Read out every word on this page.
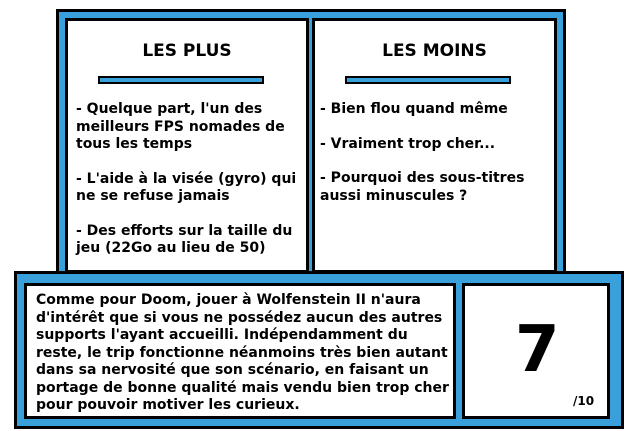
LES PLUS
- Quelque part, l'un des meilleurs FPS nomades de tous les temps
- L'aide à la visée (gyro) qui ne se refuse jamais
- Des efforts sur la taille du jeu (22Go au lieu de 50)
LES MOINS
- Bien flou quand même
- Vraiment trop cher...
- Pourquoi des sous-titres aussi minuscules ?

Comme pour Doom, jouer à Wolfenstein II n'aura d'intérêt que si vous ne possédez aucun des autres supports l'ayant accueilli. Indépendamment du reste, le trip fonctionne néanmoins très bien autant dans sa nervosité que son scénario, en faisant un portage de bonne qualité mais vendu bien trop cher pour pouvoir motiver les curieux.

7
/10
